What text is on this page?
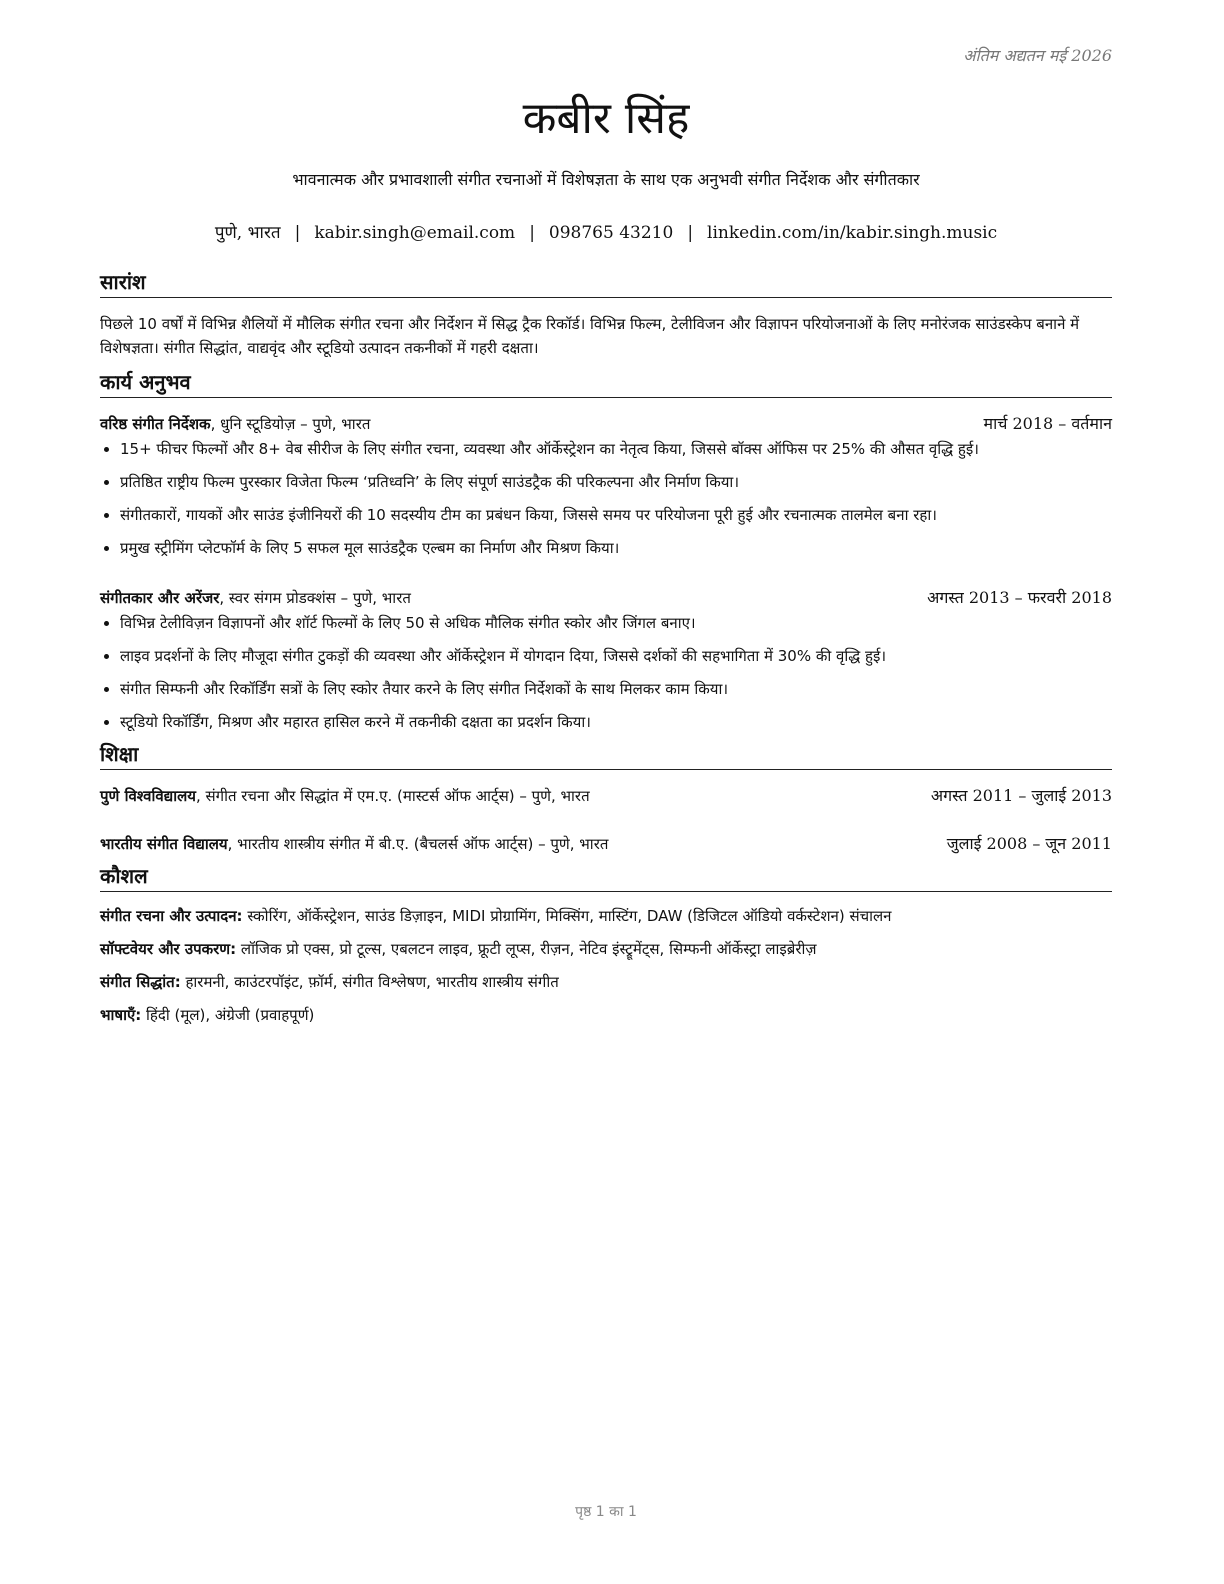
अंतिम अद्यतन मई 2026
कबीर सिंह
भावनात्मक और प्रभावशाली संगीत रचनाओं में विशेषज्ञता के साथ एक अनुभवी संगीत निर्देशक और संगीतकार
पुणे, भारत | kabir.singh@email.com | 098765 43210 | linkedin.com/in/kabir.singh.music
सारांश
पिछले 10 वर्षों में विभिन्न शैलियों में मौलिक संगीत रचना और निर्देशन में सिद्ध ट्रैक रिकॉर्ड। विभिन्न फिल्म, टेलीविजन और विज्ञापन परियोजनाओं के लिए मनोरंजक साउंडस्केप बनाने में विशेषज्ञता। संगीत सिद्धांत, वाद्यवृंद और स्टूडियो उत्पादन तकनीकों में गहरी दक्षता।
कार्य अनुभव
वरिष्ठ संगीत निर्देशक, धुनि स्टूडियोज़ – पुणे, भारत	मार्च 2018 – वर्तमान
• 15+ फीचर फिल्मों और 8+ वेब सीरीज के लिए संगीत रचना, व्यवस्था और ऑर्केस्ट्रेशन का नेतृत्व किया, जिससे बॉक्स ऑफिस पर 25% की औसत वृद्धि हुई।
• प्रतिष्ठित राष्ट्रीय फिल्म पुरस्कार विजेता फिल्म ‘प्रतिध्वनि’ के लिए संपूर्ण साउंडट्रैक की परिकल्पना और निर्माण किया।
• संगीतकारों, गायकों और साउंड इंजीनियरों की 10 सदस्यीय टीम का प्रबंधन किया, जिससे समय पर परियोजना पूरी हुई और रचनात्मक तालमेल बना रहा।
• प्रमुख स्ट्रीमिंग प्लेटफॉर्म के लिए 5 सफल मूल साउंडट्रैक एल्बम का निर्माण और मिश्रण किया।
संगीतकार और अरेंजर, स्वर संगम प्रोडक्शंस – पुणे, भारत	अगस्त 2013 – फरवरी 2018
• विभिन्न टेलीविज़न विज्ञापनों और शॉर्ट फिल्मों के लिए 50 से अधिक मौलिक संगीत स्कोर और जिंगल बनाए।
• लाइव प्रदर्शनों के लिए मौजूदा संगीत टुकड़ों की व्यवस्था और ऑर्केस्ट्रेशन में योगदान दिया, जिससे दर्शकों की सहभागिता में 30% की वृद्धि हुई।
• संगीत सिम्फनी और रिकॉर्डिंग सत्रों के लिए स्कोर तैयार करने के लिए संगीत निर्देशकों के साथ मिलकर काम किया।
• स्टूडियो रिकॉर्डिंग, मिश्रण और महारत हासिल करने में तकनीकी दक्षता का प्रदर्शन किया।
शिक्षा
पुणे विश्वविद्यालय, संगीत रचना और सिद्धांत में एम.ए. (मास्टर्स ऑफ आर्ट्स) – पुणे, भारत	अगस्त 2011 – जुलाई 2013
भारतीय संगीत विद्यालय, भारतीय शास्त्रीय संगीत में बी.ए. (बैचलर्स ऑफ आर्ट्स) – पुणे, भारत	जुलाई 2008 – जून 2011
कौशल
संगीत रचना और उत्पादन: स्कोरिंग, ऑर्केस्ट्रेशन, साउंड डिज़ाइन, MIDI प्रोग्रामिंग, मिक्सिंग, मास्टिंग, DAW (डिजिटल ऑडियो वर्कस्टेशन) संचालन
सॉफ्टवेयर और उपकरण: लॉजिक प्रो एक्स, प्रो टूल्स, एबलटन लाइव, फ्रूटी लूप्स, रीज़न, नेटिव इंस्ट्रूमेंट्स, सिम्फनी ऑर्केस्ट्रा लाइब्रेरीज़
संगीत सिद्धांत: हारमनी, काउंटरपॉइंट, फ़ॉर्म, संगीत विश्लेषण, भारतीय शास्त्रीय संगीत
भाषाएँ: हिंदी (मूल), अंग्रेजी (प्रवाहपूर्ण)
पृष्ठ 1 का 1
